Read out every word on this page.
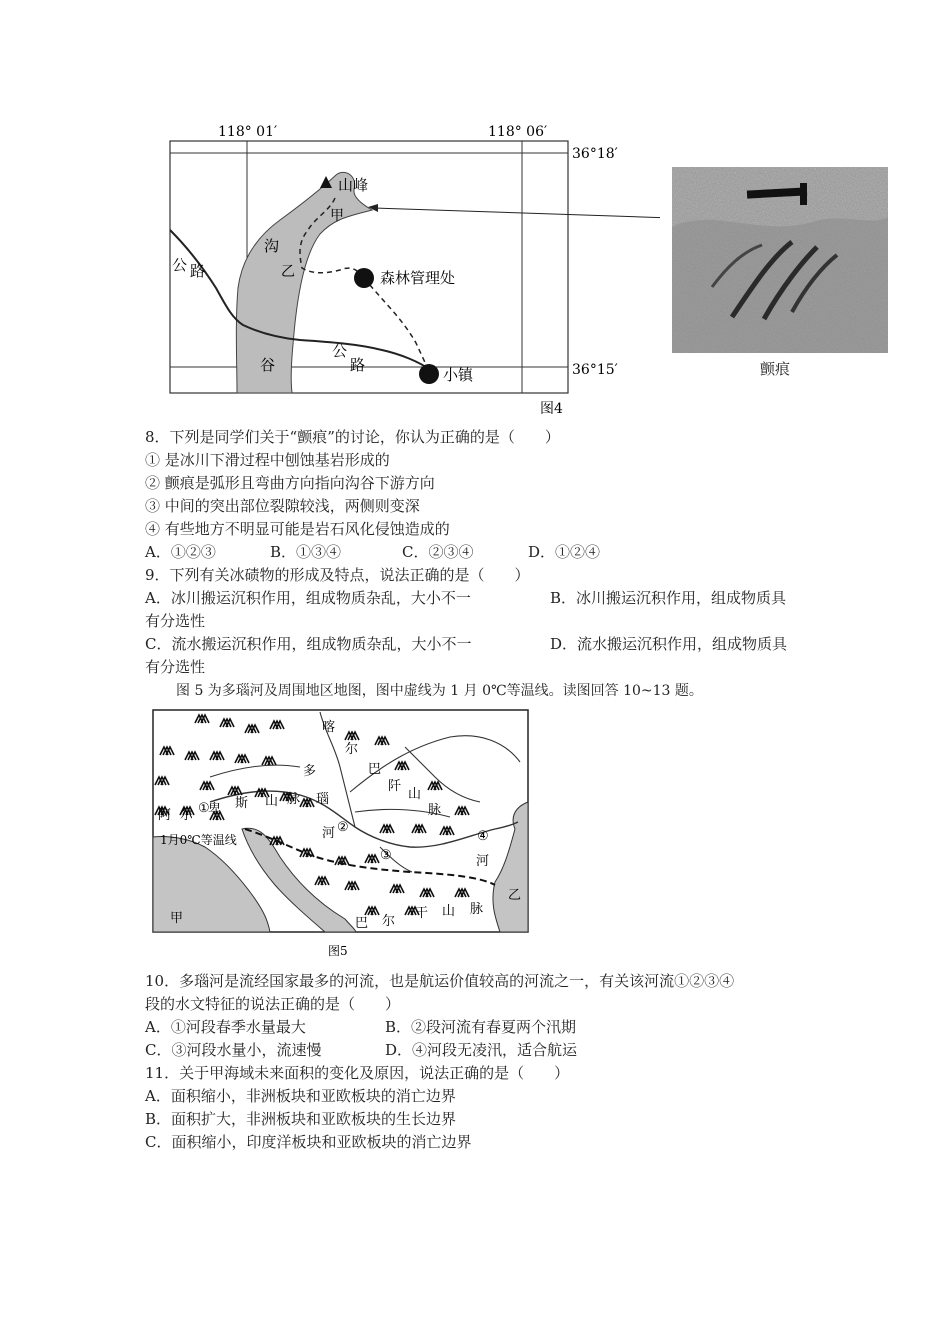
118° 01′	118° 06′
36°18′
36°15′
山峰
甲
乙	森林管理处
小镇
公 路
公
路
沟
谷
图4
颤痕
8．下列是同学们关于“颤痕”的讨论，你认为正确的是（　　）
① 是冰川下滑过程中刨蚀基岩形成的
② 颤痕是弧形且弯曲方向指向沟谷下游方向
③ 中间的突出部位裂隙较浅，两侧则变深
④ 有些地方不明显可能是岩石风化侵蚀造成的
A．①②③	B．①③④	C．②③④	D．①②④
9．下列有关冰碛物的形成及特点，说法正确的是（　　）
A．冰川搬运沉积作用，组成物质杂乱，大小不一	B．冰川搬运沉积作用，组成物质具
有分选性
C．流水搬运沉积作用，组成物质杂乱，大小不一	D．流水搬运沉积作用，组成物质具
有分选性
图 5 为多瑙河及周围地区地图，图中虚线为 1 月 0℃等温线。读图回答 10~13 题。
①
②
③
④
喀
尔
巴
阡
山
脉
多
瑙
河
河
阿 尔 卑 斯 山 脉
1月0℃等温线
甲
乙
巴 尔
干 山 脉
图5
10．多瑙河是流经国家最多的河流，也是航运价值较高的河流之一，有关该河流①②③④
段的水文特征的说法正确的是（　　）
A．①河段春季水量最大	B．②段河流有春夏两个汛期
C．③河段水量小，流速慢	D．④河段无凌汛，适合航运
11．关于甲海域未来面积的变化及原因，说法正确的是（　　）
A．面积缩小，非洲板块和亚欧板块的消亡边界
B．面积扩大，非洲板块和亚欧板块的生长边界
C．面积缩小，印度洋板块和亚欧板块的消亡边界
